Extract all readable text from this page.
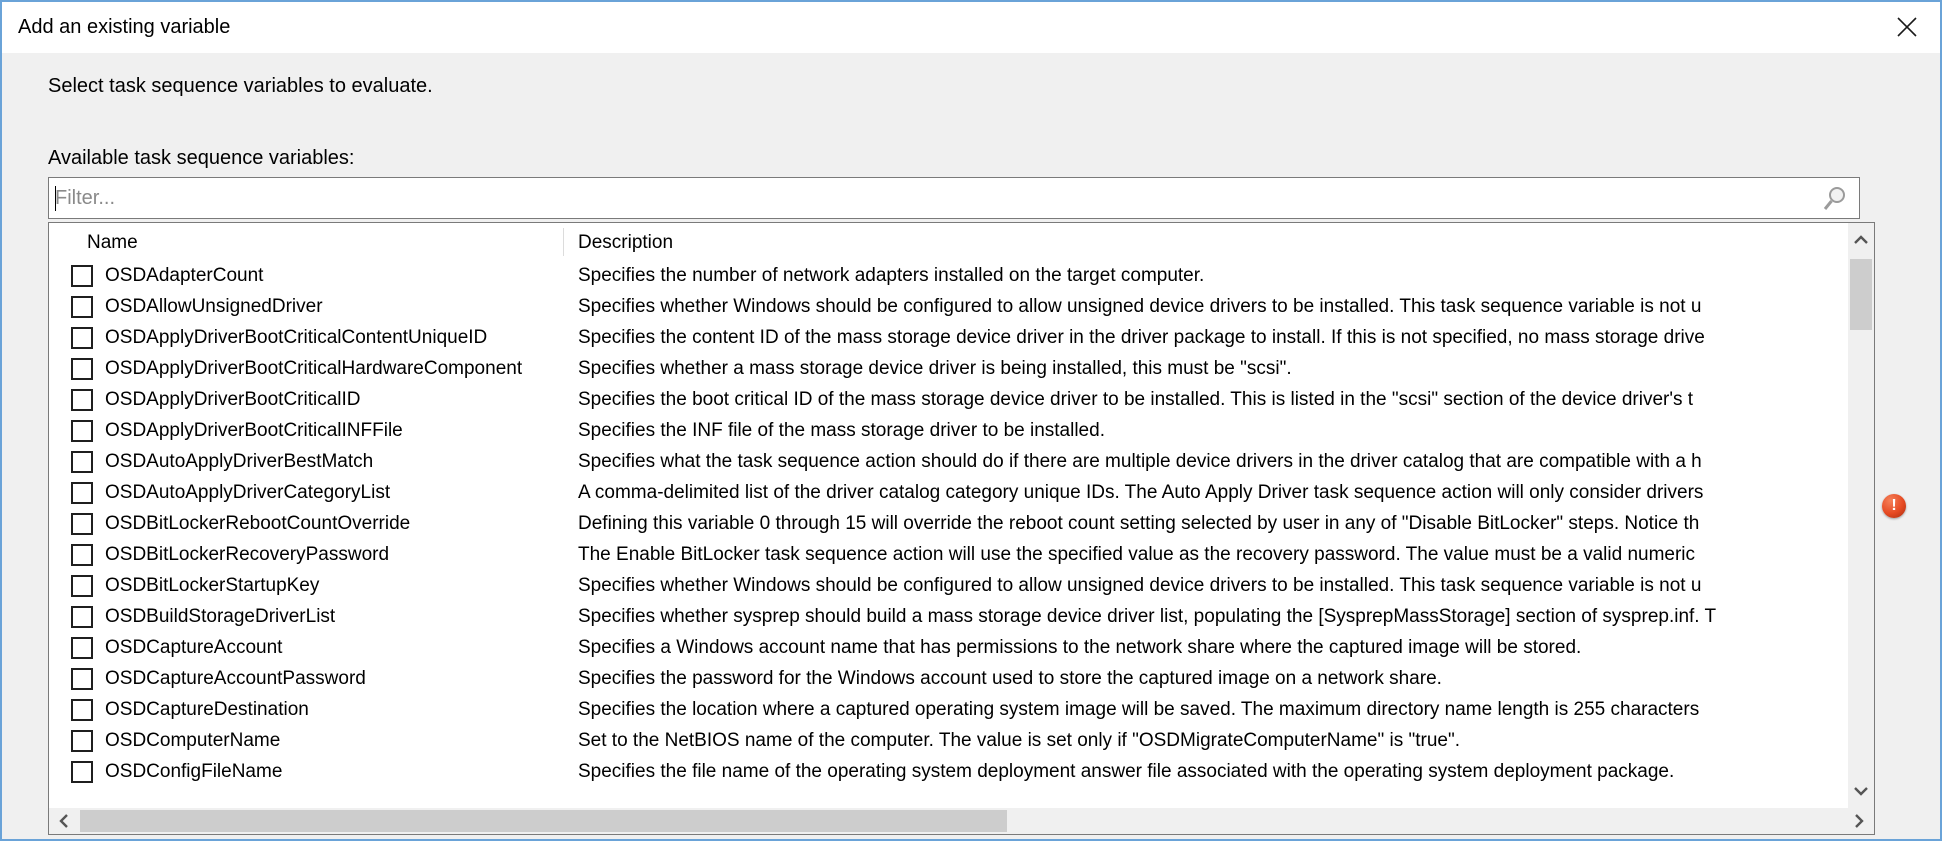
Add an existing variable
Select task sequence variables to evaluate.
Available task sequence variables:
Filter...
Name	Description
OSDAdapterCount	Specifies the number of network adapters installed on the target computer.
OSDAllowUnsignedDriver	Specifies whether Windows should be configured to allow unsigned device drivers to be installed. This task sequence variable is not u
OSDApplyDriverBootCriticalContentUniqueID	Specifies the content ID of the mass storage device driver in the driver package to install. If this is not specified, no mass storage drive
OSDApplyDriverBootCriticalHardwareComponent	Specifies whether a mass storage device driver is being installed, this must be "scsi".
OSDApplyDriverBootCriticalID	Specifies the boot critical ID of the mass storage device driver to be installed. This is listed in the "scsi" section of the device driver's t
OSDApplyDriverBootCriticalINFFile	Specifies the INF file of the mass storage driver to be installed.
OSDAutoApplyDriverBestMatch	Specifies what the task sequence action should do if there are multiple device drivers in the driver catalog that are compatible with a h
OSDAutoApplyDriverCategoryList	A comma-delimited list of the driver catalog category unique IDs. The Auto Apply Driver task sequence action will only consider drivers
OSDBitLockerRebootCountOverride	Defining this variable 0 through 15 will override the reboot count setting selected by user in any of "Disable BitLocker" steps. Notice th
OSDBitLockerRecoveryPassword	The Enable BitLocker task sequence action will use the specified value as the recovery password. The value must be a valid numeric
OSDBitLockerStartupKey	Specifies whether Windows should be configured to allow unsigned device drivers to be installed. This task sequence variable is not u
OSDBuildStorageDriverList	Specifies whether sysprep should build a mass storage device driver list, populating the [SysprepMassStorage] section of sysprep.inf. T
OSDCaptureAccount	Specifies a Windows account name that has permissions to the network share where the captured image will be stored.
OSDCaptureAccountPassword	Specifies the password for the Windows account used to store the captured image on a network share.
OSDCaptureDestination	Specifies the location where a captured operating system image will be saved. The maximum directory name length is 255 characters
OSDComputerName	Set to the NetBIOS name of the computer. The value is set only if "OSDMigrateComputerName" is "true".
OSDConfigFileName	Specifies the file name of the operating system deployment answer file associated with the operating system deployment package.
!
